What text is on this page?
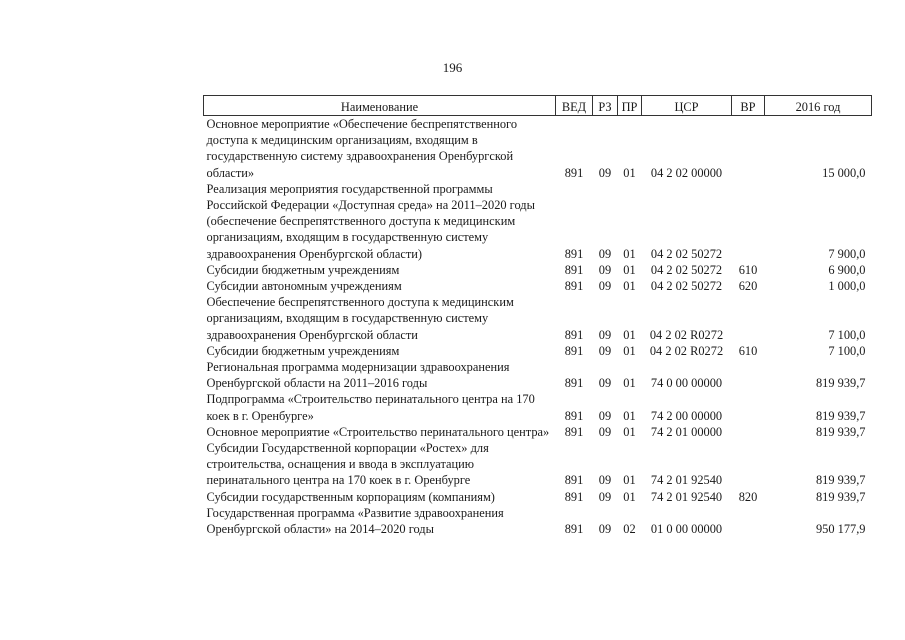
196
Наименование	ВЕД	РЗ	ПР	ЦСР	ВР	2016 год
Основное мероприятие «Обеспечение беспрепятственного доступа к медицинским организациям, входящим в государственную систему здравоохранения Оренбургской области»	891	09	01	04 2 02 00000		15 000,0
Реализация мероприятия государственной программы Российской Федерации «Доступная среда» на 2011–2020 годы (обеспечение беспрепятственного доступа к медицинским организациям, входящим в государственную систему здравоохранения Оренбургской области)	891	09	01	04 2 02 50272		7 900,0
Субсидии бюджетным учреждениям	891	09	01	04 2 02 50272	610	6 900,0
Субсидии автономным учреждениям	891	09	01	04 2 02 50272	620	1 000,0
Обеспечение беспрепятственного доступа к медицинским организациям, входящим в государственную систему здравоохранения Оренбургской области	891	09	01	04 2 02 R0272		7 100,0
Субсидии бюджетным учреждениям	891	09	01	04 2 02 R0272	610	7 100,0
Региональная программа модернизации здравоохранения Оренбургской области на 2011–2016 годы	891	09	01	74 0 00 00000		819 939,7
Подпрограмма «Строительство перинатального центра на 170 коек в г. Оренбурге»	891	09	01	74 2 00 00000		819 939,7
Основное мероприятие «Строительство перинатального центра»	891	09	01	74 2 01 00000		819 939,7
Субсидии Государственной корпорации «Ростех» для строительства, оснащения и ввода в эксплуатацию перинатального центра на 170 коек в г. Оренбурге	891	09	01	74 2 01 92540		819 939,7
Субсидии государственным корпорациям (компаниям)	891	09	01	74 2 01 92540	820	819 939,7
Государственная программа «Развитие здравоохранения Оренбургской области» на 2014–2020 годы	891	09	02	01 0 00 00000		950 177,9
